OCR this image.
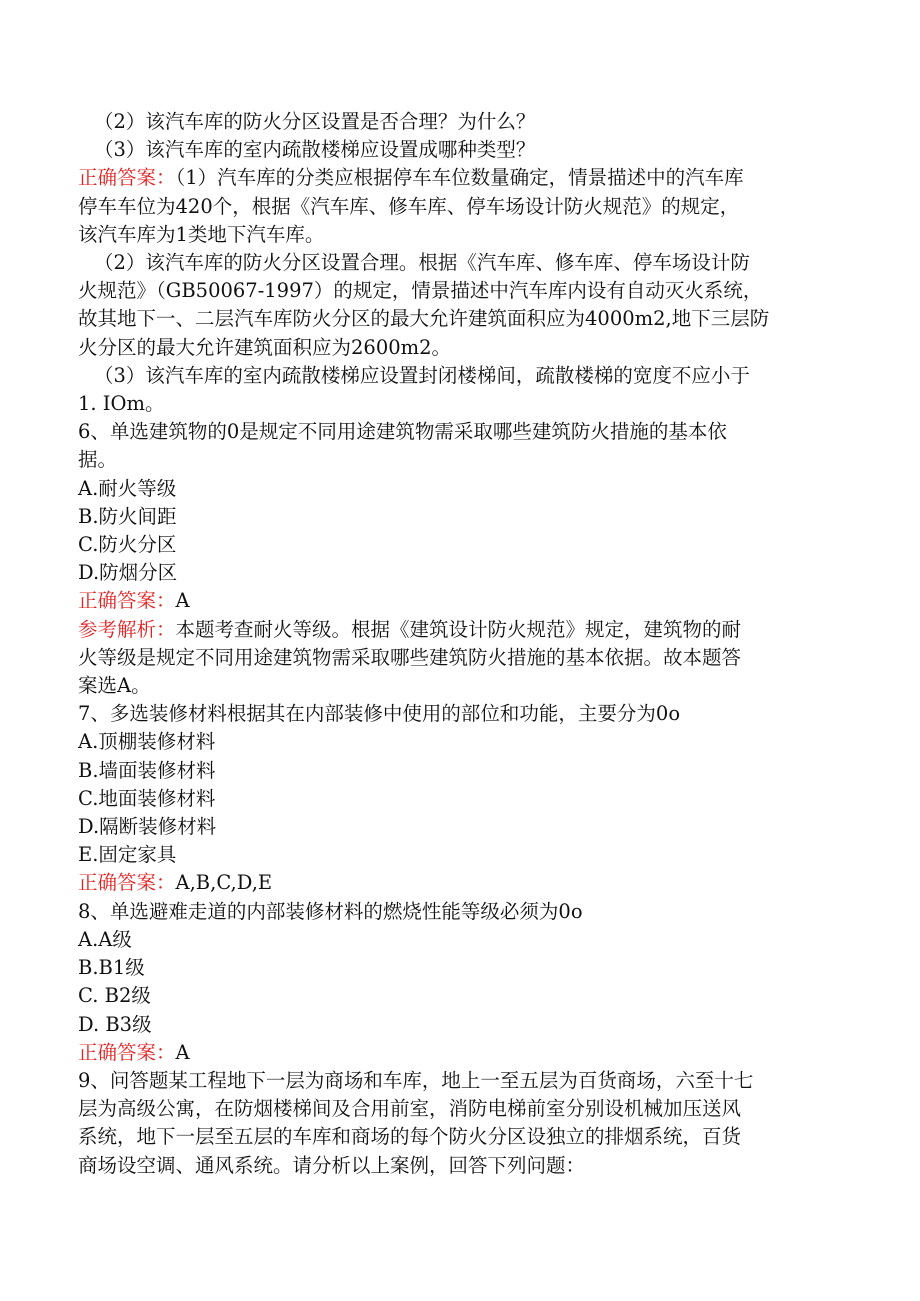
（2）该汽车库的防火分区设置是否合理？为什么？

（3）该汽车库的室内疏散楼梯应设置成哪种类型？

正确答案：（1）汽车库的分类应根据停车车位数量确定，情景描述中的汽车库

停车车位为420个，根据《汽车库、修车库、停车场设计防火规范》的规定，

该汽车库为1类地下汽车库。

（2）该汽车库的防火分区设置合理。根据《汽车库、修车库、停车场设计防

火规范》（GB50067-1997）的规定，情景描述中汽车库内设有自动灭火系统，

故其地下一、二层汽车库防火分区的最大允许建筑面积应为4000m2,地下三层防

火分区的最大允许建筑面积应为2600m2。

（3）该汽车库的室内疏散楼梯应设置封闭楼梯间，疏散楼梯的宽度不应小于

1. IOm。

6、单选建筑物的0是规定不同用途建筑物需采取哪些建筑防火措施的基本依

据。

A.耐火等级

B.防火间距

C.防火分区

D.防烟分区

正确答案：A

参考解析：本题考查耐火等级。根据《建筑设计防火规范》规定，建筑物的耐

火等级是规定不同用途建筑物需采取哪些建筑防火措施的基本依据。故本题答

案选A。

7、多选装修材料根据其在内部装修中使用的部位和功能，主要分为0o

A.顶棚装修材料

B.墙面装修材料

C.地面装修材料

D.隔断装修材料

E.固定家具

正确答案：A,B,C,D,E

8、单选避难走道的内部装修材料的燃烧性能等级必须为0o

A.A级

B.B1级

C. B2级

D. B3级

正确答案：A

9、问答题某工程地下一层为商场和车库，地上一至五层为百货商场，六至十七

层为高级公寓，在防烟楼梯间及合用前室，消防电梯前室分别设机械加压送风

系统，地下一层至五层的车库和商场的每个防火分区设独立的排烟系统，百货

商场设空调、通风系统。请分析以上案例，回答下列问题：
